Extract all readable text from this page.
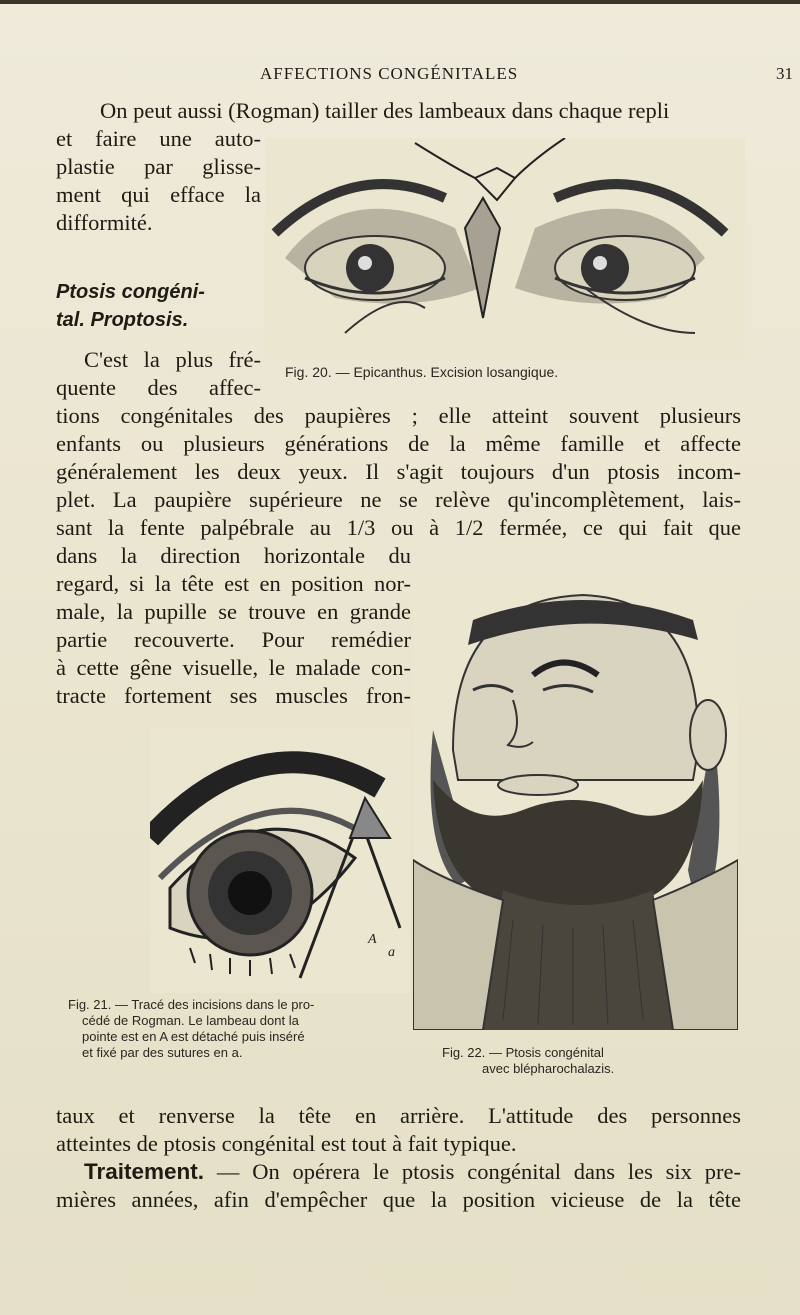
AFFECTIONS CONGÉNITALES	31
On peut aussi (Rogman) tailler des lambeaux dans chaque repli
et faire une auto-
plastie par glisse-
ment qui efface la
difformité.
Ptosis congéni-
tal. Proptosis.
C'est la plus fré-
quente des affec-
Fig. 20. — Epicanthus. Excision losangique.
tions congénitales des paupières ; elle atteint souvent plusieurs
enfants ou plusieurs générations de la même famille et affecte
généralement les deux yeux. Il s'agit toujours d'un ptosis incom-
plet. La paupière supérieure ne se relève qu'incomplètement, lais-
sant la fente palpébrale au 1/3 ou à 1/2 fermée, ce qui fait que
dans la direction horizontale du
regard, si la tête est en position nor-
male, la pupille se trouve en grande
partie recouverte. Pour remédier
à cette gêne visuelle, le malade con-
tracte fortement ses muscles fron-
A
a
Fig. 21. — Tracé des incisions dans le pro-
cédé de Rogman. Le lambeau dont la
pointe est en A est détaché puis inséré
et fixé par des sutures en a.	Fig. 22. — Ptosis congénital
avec blépharochalazis.
taux et renverse la tête en arrière. L'attitude des personnes
atteintes de ptosis congénital est tout à fait typique.
Traitement. — On opérera le ptosis congénital dans les six pre-
mières années, afin d'empêcher que la position vicieuse de la tête
